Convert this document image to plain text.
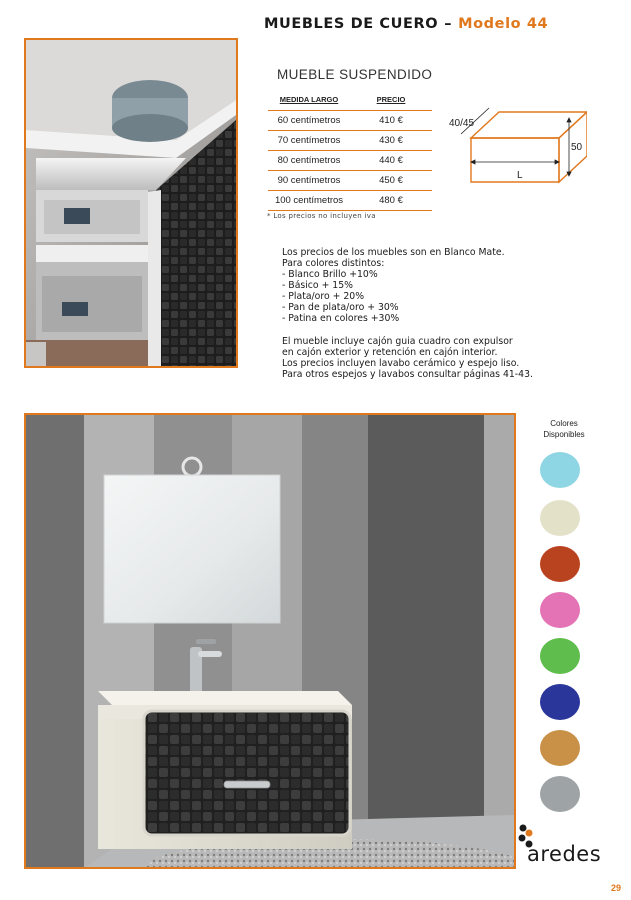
MUEBLES DE CUERO – Modelo 44
MUEBLE SUSPENDIDO
MEDIDA LARGO	PRECIO
60 centímetros	410 €
70 centímetros	430 €
80 centímetros	440 €
90 centímetros	450 €
100 centímetros	480 €
* Los precios no incluyen iva
40/45
50
L

Los precios de los muebles son en Blanco Mate.

Para colores distintos:

- Blanco Brillo +10%

- Básico + 15%

- Plata/oro + 20%

- Pan de plata/oro + 30%

- Patina en colores +30%

El mueble incluye cajón guia cuadro con expulsor

en cajón exterior y retención en cajón interior.

Los precios incluyen lavabo cerámico y espejo liso.

Para otros espejos y lavabos consultar páginas 41-43.

Colores
Disponibles
aredes
29
